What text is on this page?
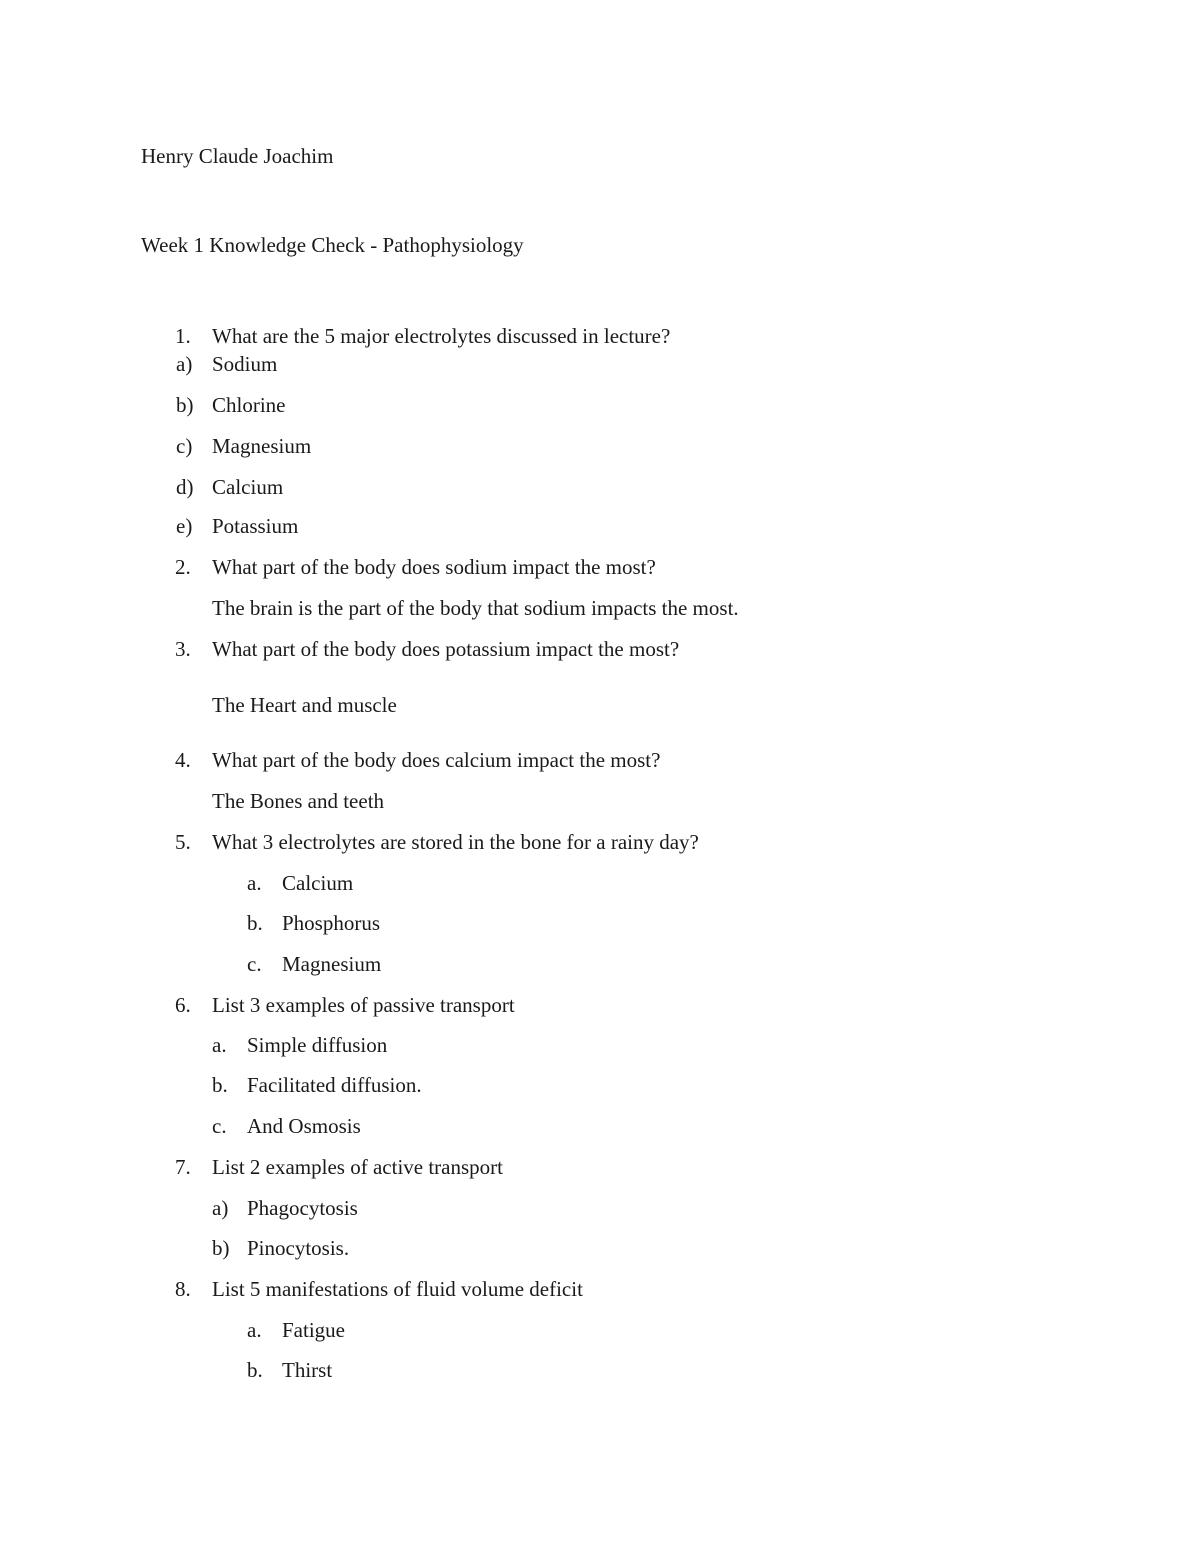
Henry Claude Joachim
Week 1 Knowledge Check - Pathophysiology
1. What are the 5 major electrolytes discussed in lecture?
a) Sodium
b) Chlorine
c) Magnesium
d) Calcium
e) Potassium
2. What part of the body does sodium impact the most?
The brain is the part of the body that sodium impacts the most.
3. What part of the body does potassium impact the most?
The Heart and muscle
4. What part of the body does calcium impact the most?
The Bones and teeth
5. What 3 electrolytes are stored in the bone for a rainy day?
a. Calcium
b. Phosphorus
c. Magnesium
6. List 3 examples of passive transport
a. Simple diffusion
b. Facilitated diffusion.
c. And Osmosis
7. List 2 examples of active transport
a) Phagocytosis
b) Pinocytosis.
8. List 5 manifestations of fluid volume deficit
a. Fatigue
b. Thirst
